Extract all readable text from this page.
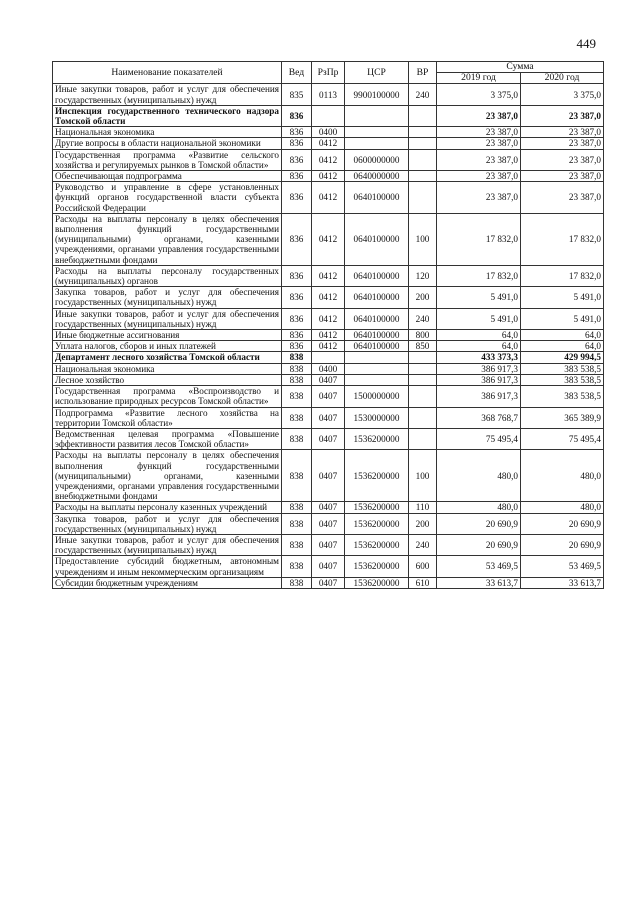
449
Наименование показателей	Вед	РзПр	ЦСР	ВР	Сумма	
					2019 год	2020 год
Иные закупки товаров, работ и услуг для обеспечения государственных (муниципальных) нужд	835	0113	9900100000	240	3 375,0	3 375,0
Инспекция государственного технического надзора Томской области	836				23 387,0	23 387,0
Национальная экономика	836	0400			23 387,0	23 387,0
Другие вопросы в области национальной экономики	836	0412			23 387,0	23 387,0
Государственная программа «Развитие сельского хозяйства и регулируемых рынков в Томской области»	836	0412	0600000000		23 387,0	23 387,0
Обеспечивающая подпрограмма	836	0412	0640000000		23 387,0	23 387,0
Руководство и управление в сфере установленных функций органов государственной власти субъекта Российской Федерации	836	0412	0640100000		23 387,0	23 387,0
Расходы на выплаты персоналу в целях обеспечения выполнения функций государственными (муниципальными) органами, казенными учреждениями, органами управления государственными внебюджетными фондами	836	0412	0640100000	100	17 832,0	17 832,0
Расходы на выплаты персоналу государственных (муниципальных) органов	836	0412	0640100000	120	17 832,0	17 832,0
Закупка товаров, работ и услуг для обеспечения государственных (муниципальных) нужд	836	0412	0640100000	200	5 491,0	5 491,0
Иные закупки товаров, работ и услуг для обеспечения государственных (муниципальных) нужд	836	0412	0640100000	240	5 491,0	5 491,0
Иные бюджетные ассигнования	836	0412	0640100000	800	64,0	64,0
Уплата налогов, сборов и иных платежей	836	0412	0640100000	850	64,0	64,0
Департамент лесного хозяйства Томской области	838				433 373,3	429 994,5
Национальная экономика	838	0400			386 917,3	383 538,5
Лесное хозяйство	838	0407			386 917,3	383 538,5
Государственная программа «Воспроизводство и использование природных ресурсов Томской области»	838	0407	1500000000		386 917,3	383 538,5
Подпрограмма «Развитие лесного хозяйства на территории Томской области»	838	0407	1530000000		368 768,7	365 389,9
Ведомственная целевая программа «Повышение эффективности развития лесов Томской области»	838	0407	1536200000		75 495,4	75 495,4
Расходы на выплаты персоналу в целях обеспечения выполнения функций государственными (муниципальными) органами, казенными учреждениями, органами управления государственными внебюджетными фондами	838	0407	1536200000	100	480,0	480,0
Расходы на выплаты персоналу казенных учреждений	838	0407	1536200000	110	480,0	480,0
Закупка товаров, работ и услуг для обеспечения государственных (муниципальных) нужд	838	0407	1536200000	200	20 690,9	20 690,9
Иные закупки товаров, работ и услуг для обеспечения государственных (муниципальных) нужд	838	0407	1536200000	240	20 690,9	20 690,9
Предоставление субсидий бюджетным, автономным учреждениям и иным некоммерческим организациям	838	0407	1536200000	600	53 469,5	53 469,5
Субсидии бюджетным учреждениям	838	0407	1536200000	610	33 613,7	33 613,7
